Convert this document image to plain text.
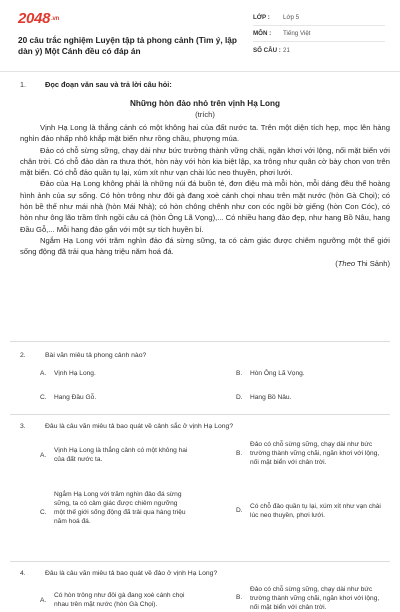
2048.vn
20 câu trắc nghiệm Luyện tập tả phong cảnh (Tìm ý, lập dàn ý) Một Cánh đều có đáp án
LỚP :	Lớp 5
MÔN :	Tiếng Việt
SỐ CÂU : 21
1.	Đọc đoạn văn sau và trả lời câu hỏi:
Những hòn đảo nhỏ trên vịnh Hạ Long
(trích)

Vịnh Hạ Long là thắng cảnh có một không hai của đất nước ta. Trên một diện tích hẹp, mọc lên hàng nghìn đảo nhấp nhô khắp mặt biển như rồng chầu, phượng múa.

Đảo có chỗ sừng sững, chạy dài như bức trường thành vững chãi, ngăn khơi với lộng, nối mặt biển với chân trời. Có chỗ đảo dàn ra thưa thớt, hòn này với hòn kia biệt lập, xa trông như quân cờ bày chon von trên mặt biển. Có chỗ đảo quần tụ lại, xúm xít như vạn chài lúc neo thuyền, phơi lưới.

Đảo của Hạ Long không phải là những núi đá buồn tẻ, đơn điệu mà mỗi hòn, mỗi dáng đều thể hoàng hình ảnh của sự sống. Có hòn trông như đôi gà đang xoè cánh chọi nhau trên mặt nước (hòn Gà Chọi); có hòn bề thế như mái nhà (hòn Mái Nhà); có hòn chông chênh như con cóc ngồi bờ giếng (hòn Con Cóc), có hòn như ông lão trầm tĩnh ngồi câu cá (hòn Ông Lã Vọng),... Có nhiều hang đảo đẹp, như hang Bồ Nâu, hang Đầu Gỗ,... Mỗi hang đảo gắn với một sự tích huyền bí.

Ngắm Hạ Long với trăm nghìn đảo đá sừng sững, ta có cảm giác được chiêm ngưỡng một thế giới sống động đã trải qua hàng triệu năm hoá đá.

(Theo Thi Sảnh)
2.	Bài văn miêu tả phong cảnh nào?
A.	Vịnh Hạ Long.	B.	Hòn Ông Lã Vọng.
C.	Hang Đầu Gỗ.	D.	Hang Bồ Nâu.
3.	Đâu là câu văn miêu tả bao quát về cảnh sắc ở vịnh Hạ Long?
A.
Vịnh Hạ Long là thắng cảnh có một không hai của đất nước ta.
B.
Đảo có chỗ sừng sững, chạy dài như bức trường thành vững chãi, ngăn khơi với lộng, nối mặt biển với chân trời.
C.
Ngắm Hạ Long với trăm nghìn đảo đá sừng sững, ta có cảm giác được chiêm ngưỡng một thế giới sống động đã trải qua hàng triệu năm hoá đá.
D.
Có chỗ đảo quần tụ lại, xúm xít như vạn chài lúc neo thuyền, phơi lưới.
4.	Đâu là câu văn miêu tả bao quát về đảo ở vịnh Hạ Long?
A.
Có hòn trông như đôi gà đang xoè cánh chọi nhau trên mặt nước (hòn Gà Chọi).
B.
Đảo có chỗ sừng sững, chạy dài như bức trường thành vững chãi, ngăn khơi với lộng, nối mặt biển với chân trời.
